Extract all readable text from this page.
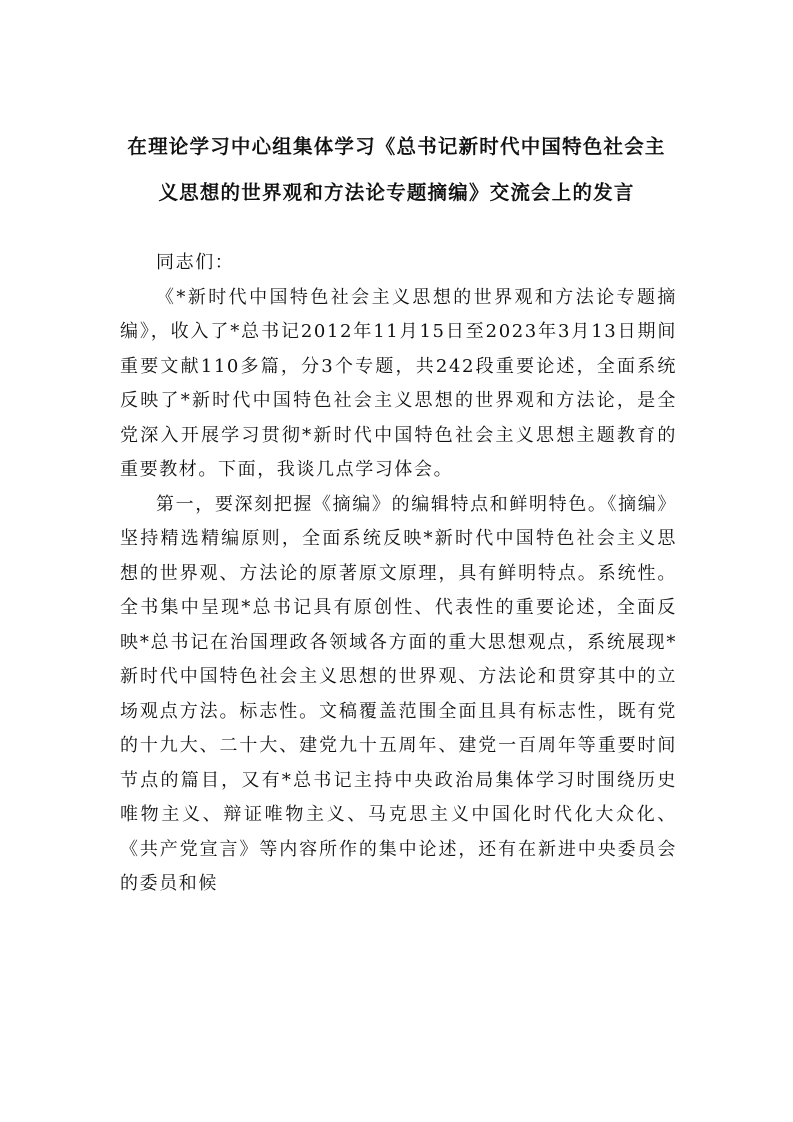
在理论学习中心组集体学习《总书记新时代中国特色社会主
义思想的世界观和方法论专题摘编》交流会上的发言

同志们：

《*新时代中国特色社会主义思想的世界观和方法论专题摘编》，收入了*总书记2012年11月15日至2023年3月13日期间重要文献110多篇，分3个专题，共242段重要论述，全面系统反映了*新时代中国特色社会主义思想的世界观和方法论，是全党深入开展学习贯彻*新时代中国特色社会主义思想主题教育的重要教材。下面，我谈几点学习体会。

第一，要深刻把握《摘编》的编辑特点和鲜明特色。《摘编》坚持精选精编原则，全面系统反映*新时代中国特色社会主义思想的世界观、方法论的原著原文原理，具有鲜明特点。系统性。全书集中呈现*总书记具有原创性、代表性的重要论述，全面反映*总书记在治国理政各领域各方面的重大思想观点，系统展现*新时代中国特色社会主义思想的世界观、方法论和贯穿其中的立场观点方法。标志性。文稿覆盖范围全面且具有标志性，既有党的十九大、二十大、建党九十五周年、建党一百周年等重要时间节点的篇目，又有*总书记主持中央政治局集体学习时围绕历史唯物主义、辩证唯物主义、马克思主义中国化时代化大众化、《共产党宣言》等内容所作的集中论述，还有在新进中央委员会的委员和候
